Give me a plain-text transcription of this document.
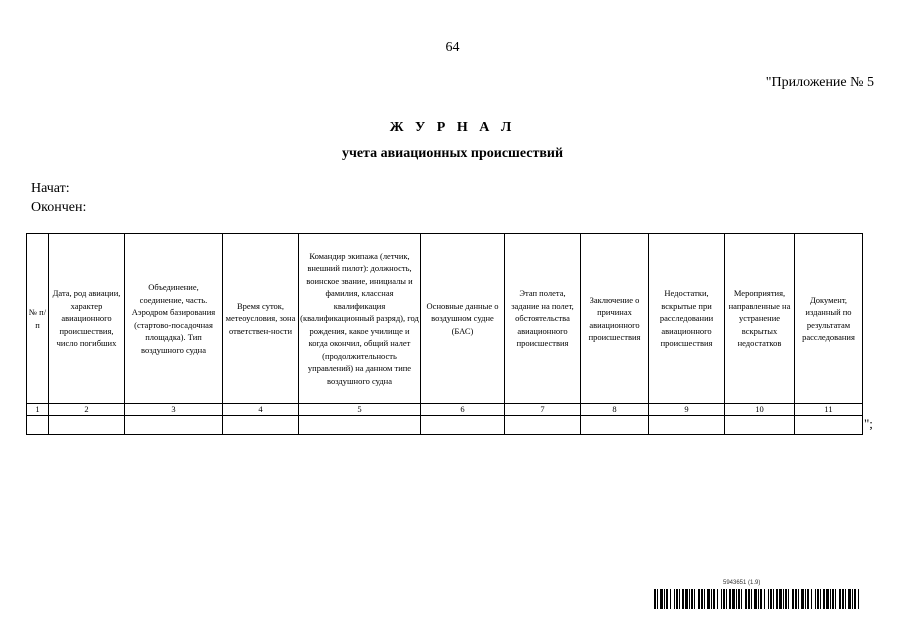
64
"Приложение № 5
Ж У Р Н А Л
учета авиационных происшествий
Начат:
Окончен:
№ п/п	Дата, род авиации, характер авиационного происшествия, число погибших	Объединение, соединение, часть. Аэродром базирования (стартово-посадочная площадка). Тип воздушного судна	Время суток, метеоусловия, зона ответствен-ности	Командир экипажа (летчик, внешний пилот): должность, воинское звание, инициалы и фамилия, классная квалификация (квалификационный разряд), год рождения, какое училище и когда окончил, общий налет (продолжительность управлений) на данном типе воздушного судна	Основные данные о воздушном судне (БАС)	Этап полета, задание на полет, обстоятельства авиационного происшествия	Заключение о причинах авиационного происшествия	Недостатки, вскрытые при расследовании авиационного происшествия	Мероприятия, направленные на устранение вскрытых недостатков	Документ, изданный по результатам расследования
1	2	3	4	5	6	7	8	9	10	11

";
5943651 (1.9)
